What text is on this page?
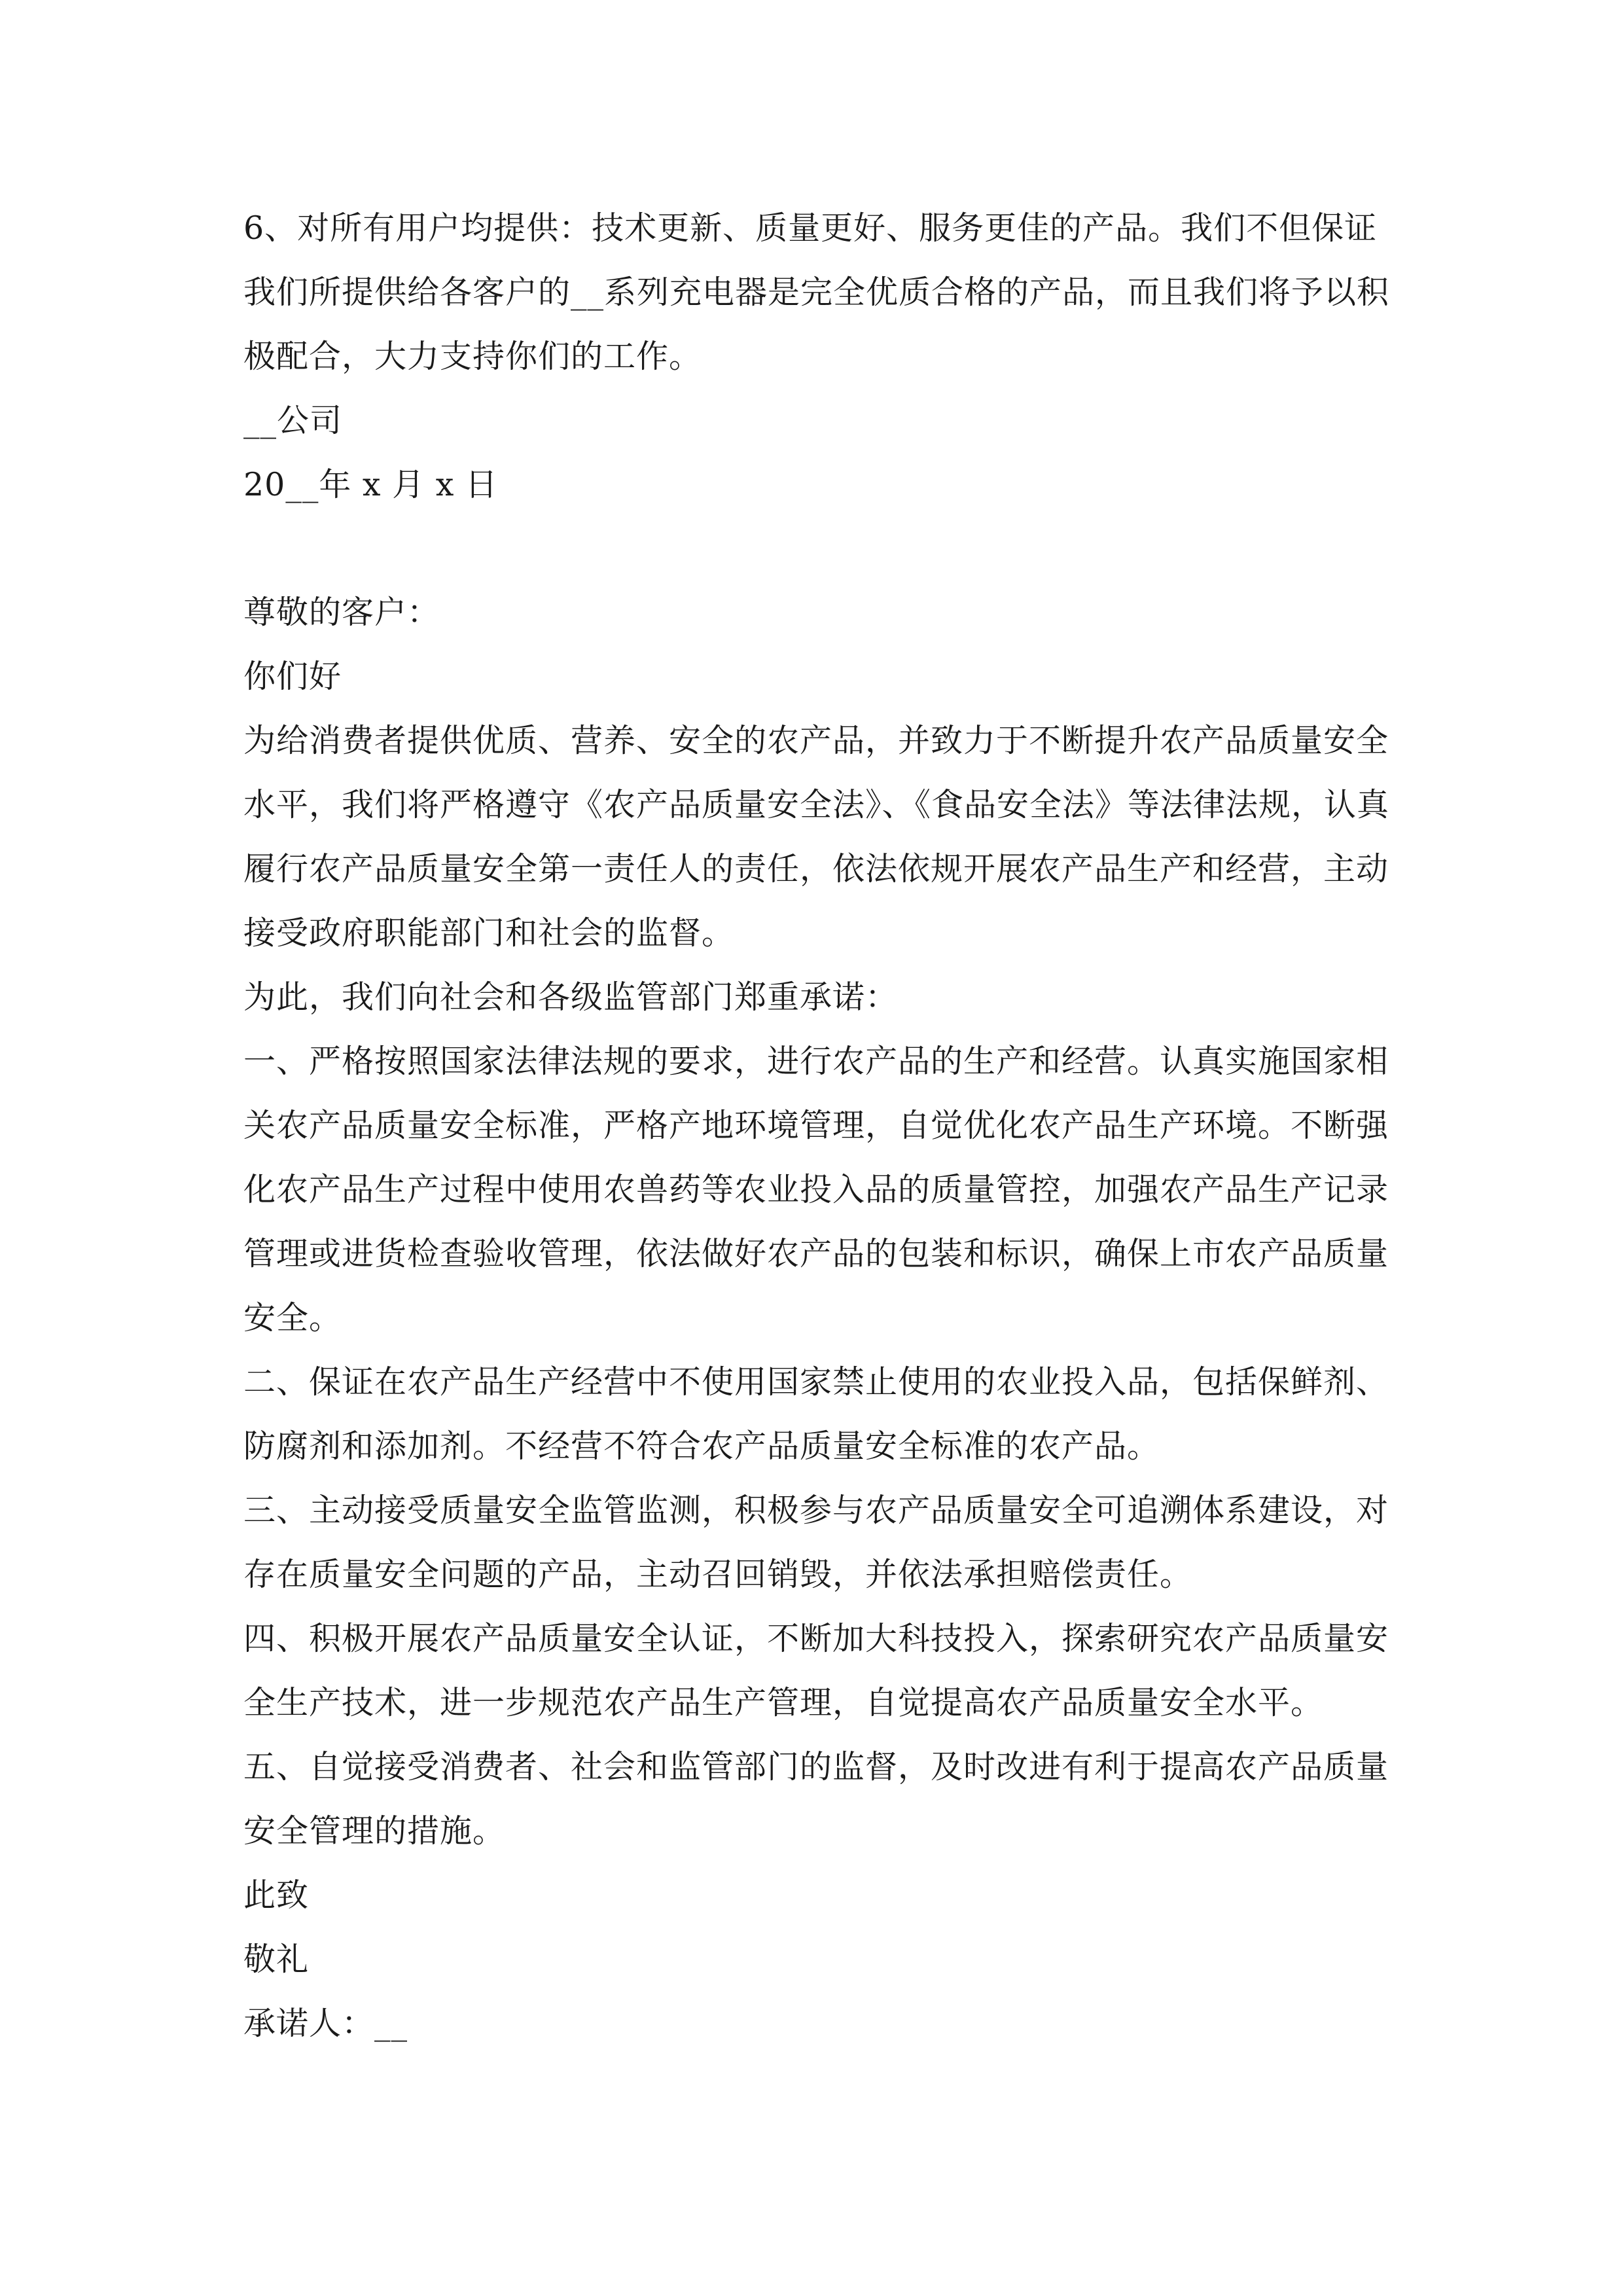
6、对所有用户均提供：技术更新、质量更好、服务更佳的产品。我们不但保证
我们所提供给各客户的__系列充电器是完全优质合格的产品，而且我们将予以积
极配合，大力支持你们的工作。
__公司
20__年 x 月 x 日
尊敬的客户：
你们好
为给消费者提供优质、营养、安全的农产品，并致力于不断提升农产品质量安全
水平，我们将严格遵守《农产品质量安全法》、《食品安全法》等法律法规，认真
履行农产品质量安全第一责任人的责任，依法依规开展农产品生产和经营，主动
接受政府职能部门和社会的监督。
为此，我们向社会和各级监管部门郑重承诺：
一、严格按照国家法律法规的要求，进行农产品的生产和经营。认真实施国家相
关农产品质量安全标准，严格产地环境管理，自觉优化农产品生产环境。不断强
化农产品生产过程中使用农兽药等农业投入品的质量管控，加强农产品生产记录
管理或进货检查验收管理，依法做好农产品的包装和标识，确保上市农产品质量
安全。
二、保证在农产品生产经营中不使用国家禁止使用的农业投入品，包括保鲜剂、
防腐剂和添加剂。不经营不符合农产品质量安全标准的农产品。
三、主动接受质量安全监管监测，积极参与农产品质量安全可追溯体系建设，对
存在质量安全问题的产品，主动召回销毁，并依法承担赔偿责任。
四、积极开展农产品质量安全认证，不断加大科技投入，探索研究农产品质量安
全生产技术，进一步规范农产品生产管理，自觉提高农产品质量安全水平。
五、自觉接受消费者、社会和监管部门的监督，及时改进有利于提高农产品质量
安全管理的措施。
此致
敬礼
承诺人：__
